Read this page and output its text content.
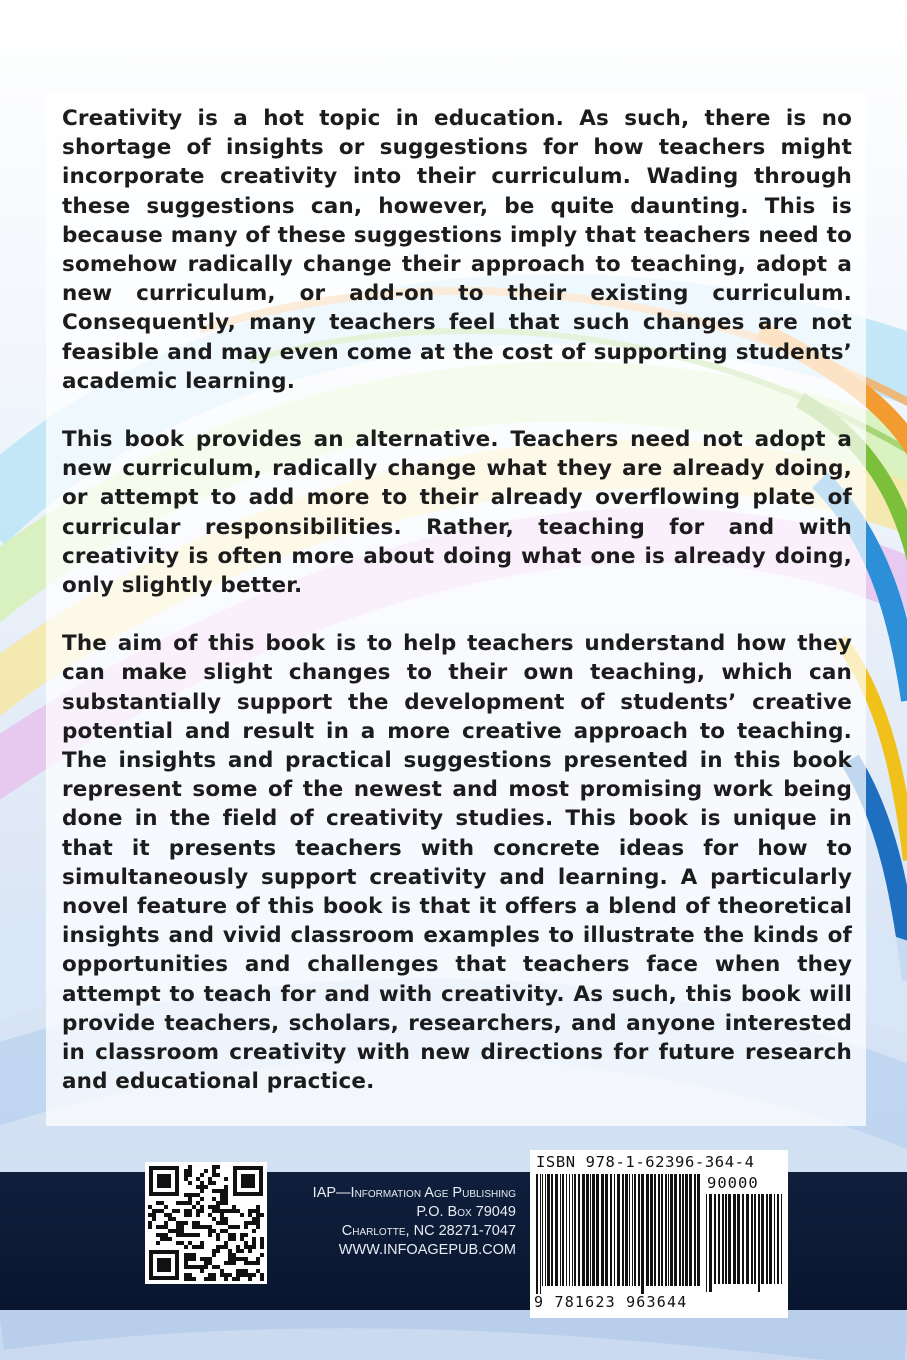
Creativity is a hot topic in education. As such, there is no shortage of insights or suggestions for how teachers might incorporate creativity into their curriculum. Wading through these suggestions can, however, be quite daunting. This is because many of these suggestions imply that teachers need to somehow radically change their approach to teaching, adopt a new curriculum, or add-on to their existing curriculum. Consequently, many teachers feel that such changes are not feasible and may even come at the cost of supporting students’ academic learning.

This book provides an alternative. Teachers need not adopt a new curriculum, radically change what they are already doing, or attempt to add more to their already overflowing plate of curricular responsibilities. Rather, teaching for and with creativity is often more about doing what one is already doing, only slightly better.

The aim of this book is to help teachers understand how they can make slight changes to their own teaching, which can substantially support the development of students’ creative potential and result in a more creative approach to teaching. The insights and practical suggestions presented in this book represent some of the newest and most promising work being done in the field of creativity studies. This book is unique in that it presents teachers with concrete ideas for how to simultaneously support creativity and learning. A particularly novel feature of this book is that it offers a blend of theoretical insights and vivid classroom examples to illustrate the kinds of opportunities and challenges that teachers face when they attempt to teach for and with creativity. As such, this book will provide teachers, scholars, researchers, and anyone interested in classroom creativity with new directions for future research and educational practice.

IAP—Information Age Publishing
P.O. Box 79049
Charlotte, NC 28271-7047
WWW.INFOAGEPUB.COM
ISBN 978-1-62396-364-4
90000
9 781623 963644
